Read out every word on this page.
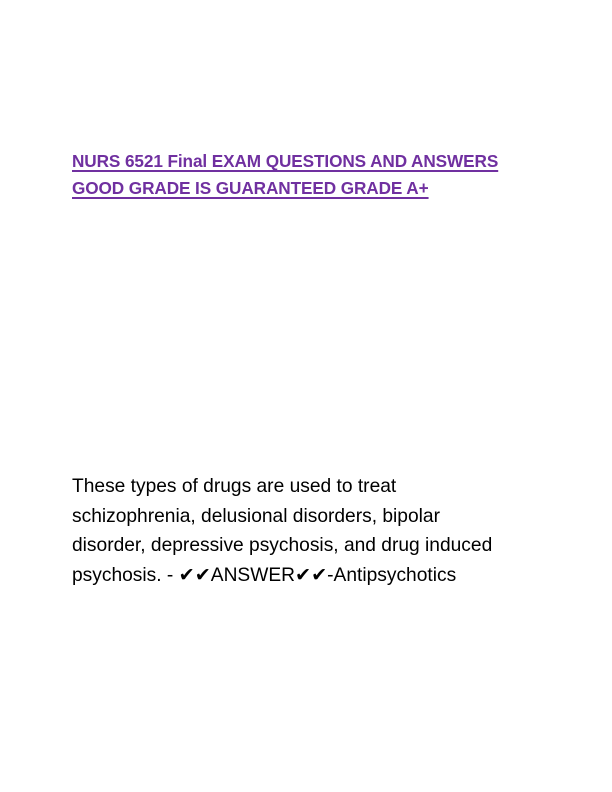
NURS 6521 Final EXAM QUESTIONS AND ANSWERS
GOOD GRADE IS GUARANTEED GRADE A+

These types of drugs are used to treat
schizophrenia, delusional disorders, bipolar
disorder, depressive psychosis, and drug induced
psychosis. - ✔✔ANSWER✔✔-Antipsychotics
